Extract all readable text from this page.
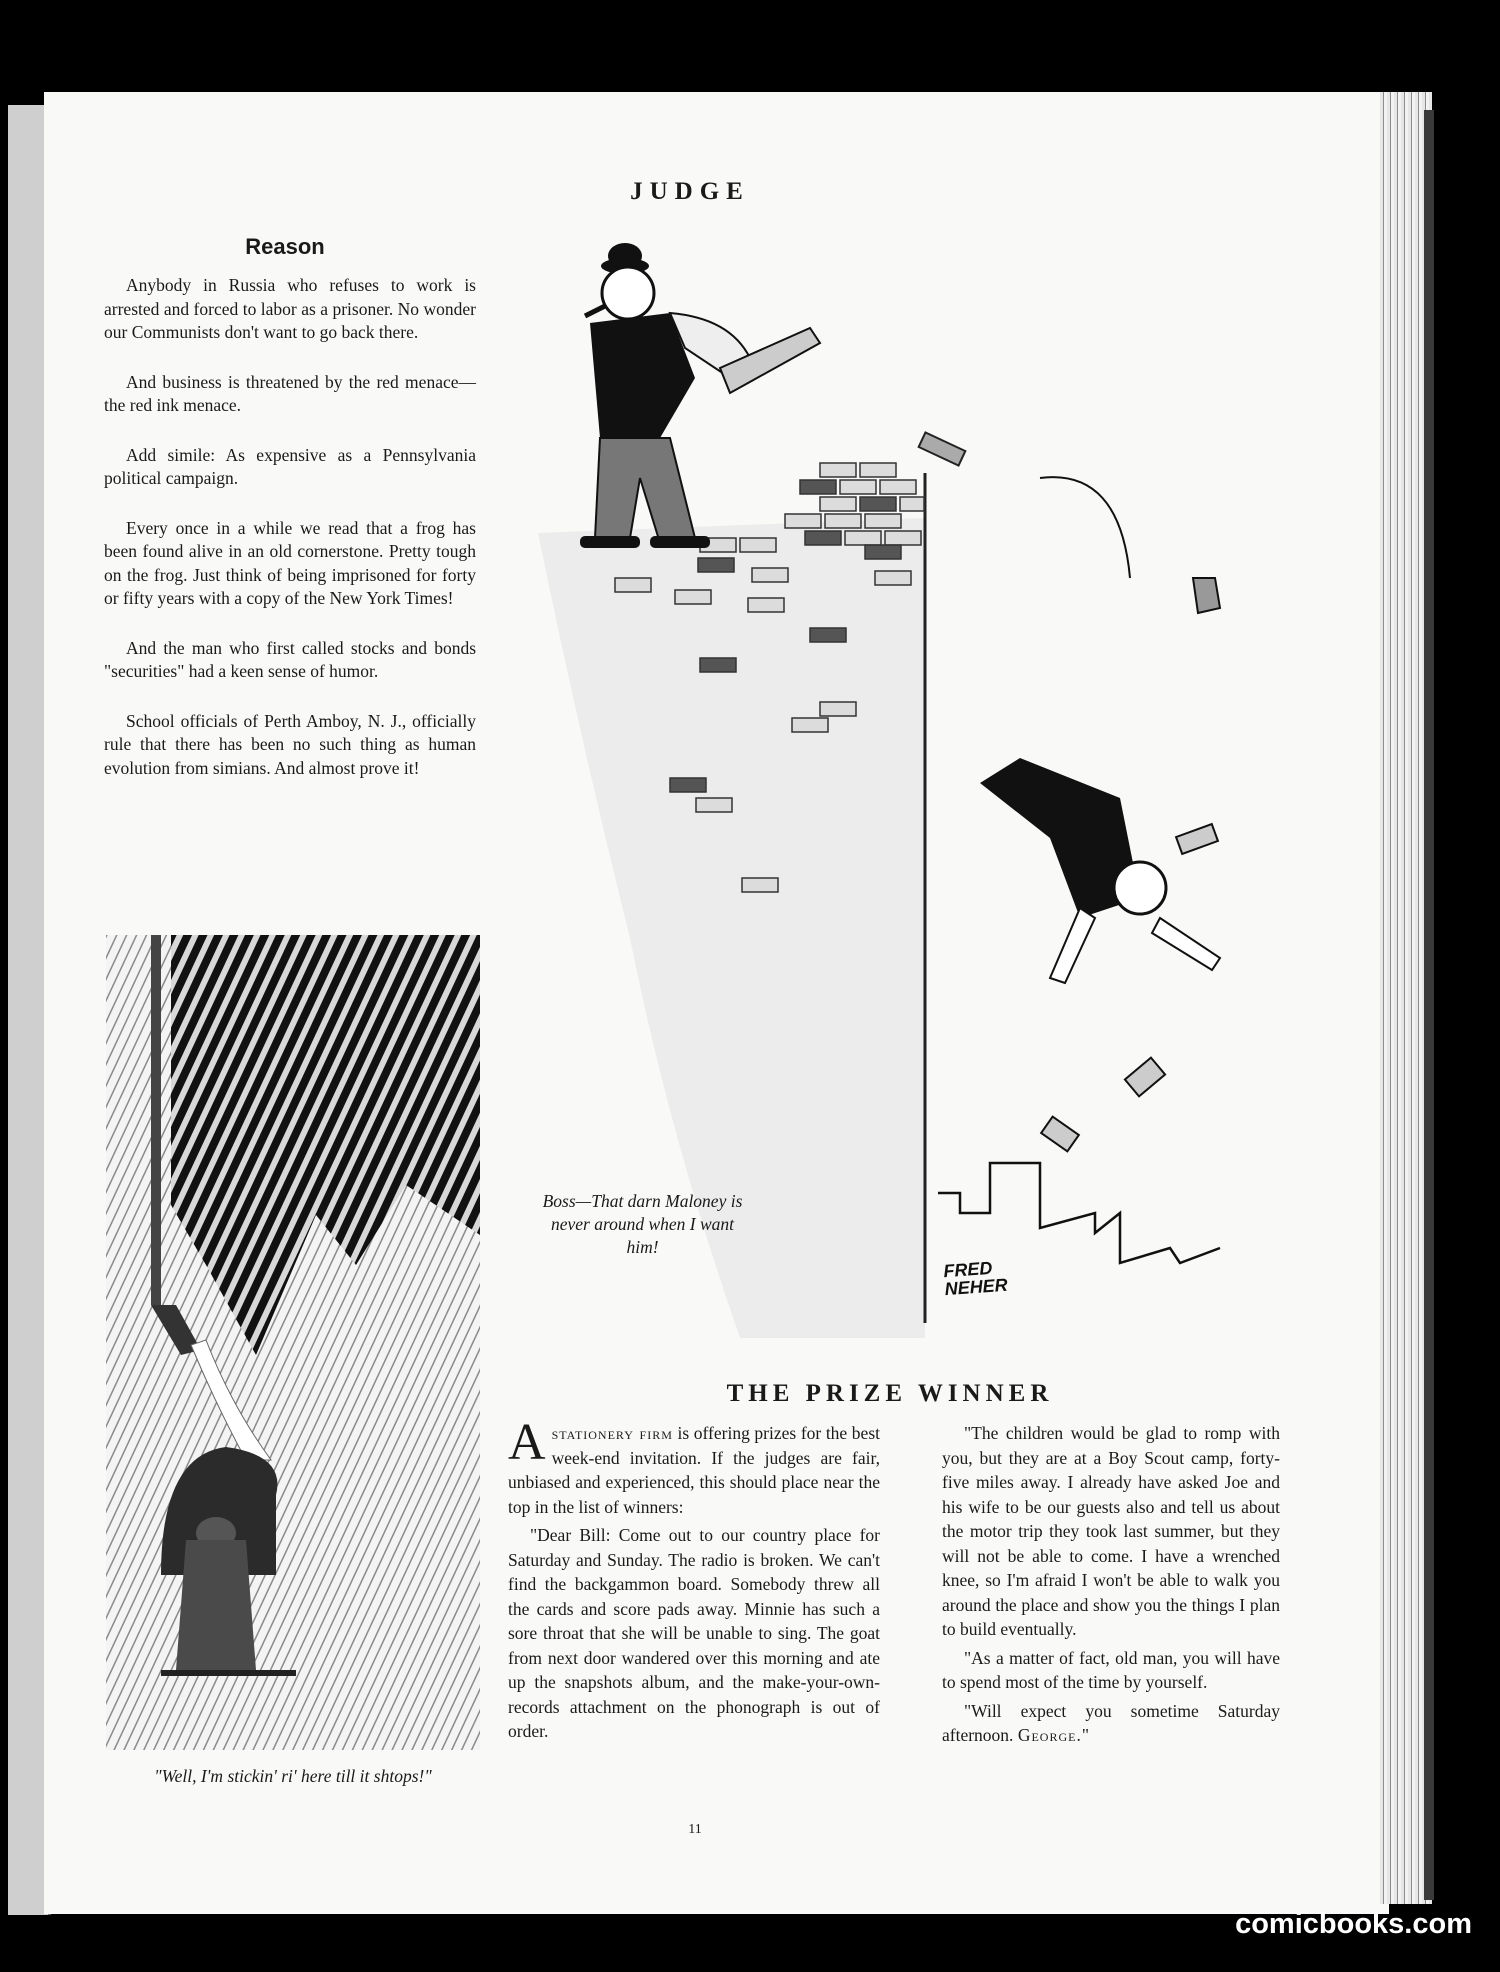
JUDGE
Reason

Anybody in Russia who refuses to work is arrested and forced to labor as a prisoner. No wonder our Communists don't want to go back there.

And business is threatened by the red menace—the red ink menace.

Add simile: As expensive as a Pennsylvania political campaign.

Every once in a while we read that a frog has been found alive in an old cornerstone. Pretty tough on the frog. Just think of being imprisoned for forty or fifty years with a copy of the New York Times!

And the man who first called stocks and bonds "securities" had a keen sense of humor.

School officials of Perth Amboy, N. J., officially rule that there has been no such thing as human evolution from simians. And almost prove it!

"Well, I'm stickin' ri' here till it shtops!"
Boss—That darn Maloney is never around when I want him!
FRED
NEHER
THE PRIZE WINNER

Astationery firm is offering prizes for the best week-end invitation. If the judges are fair, unbiased and experienced, this should place near the top in the list of winners:

"Dear Bill: Come out to our country place for Saturday and Sunday. The radio is broken. We can't find the backgammon board. Somebody threw all the cards and score pads away. Minnie has such a sore throat that she will be unable to sing. The goat from next door wandered over this morning and ate up the snapshots album, and the make-your-own-records attachment on the phonograph is out of order.

"The children would be glad to romp with you, but they are at a Boy Scout camp, forty-five miles away. I already have asked Joe and his wife to be our guests also and tell us about the motor trip they took last summer, but they will not be able to come. I have a wrenched knee, so I'm afraid I won't be able to walk you around the place and show you the things I plan to build eventually.

"As a matter of fact, old man, you will have to spend most of the time by yourself.

"Will expect you sometime Saturday afternoon. George."

11
comicbooks.com
